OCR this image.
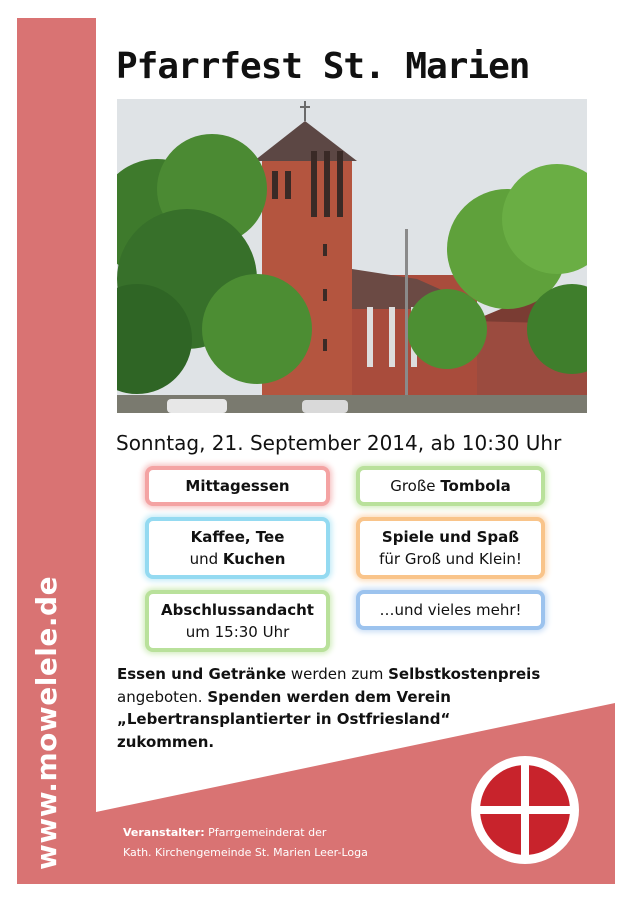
www.mowelele.de
Pfarrfest St. Marien
Sonntag, 21. September 2014, ab 10:30 Uhr
Mittagessen	Große Tombola
Kaffee, Tee
und Kuchen
Spiele und Spaß
für Groß und Klein!
Abschlussandacht
um 15:30 Uhr
…und vieles mehr!
Essen und Getränke werden zum Selbstkostenpreis
angeboten. Spenden werden dem Verein
„Lebertransplantierter in Ostfriesland“
zukommen.
Veranstalter: Pfarrgemeinderat der
Kath. Kirchengemeinde St. Marien Leer-Loga
